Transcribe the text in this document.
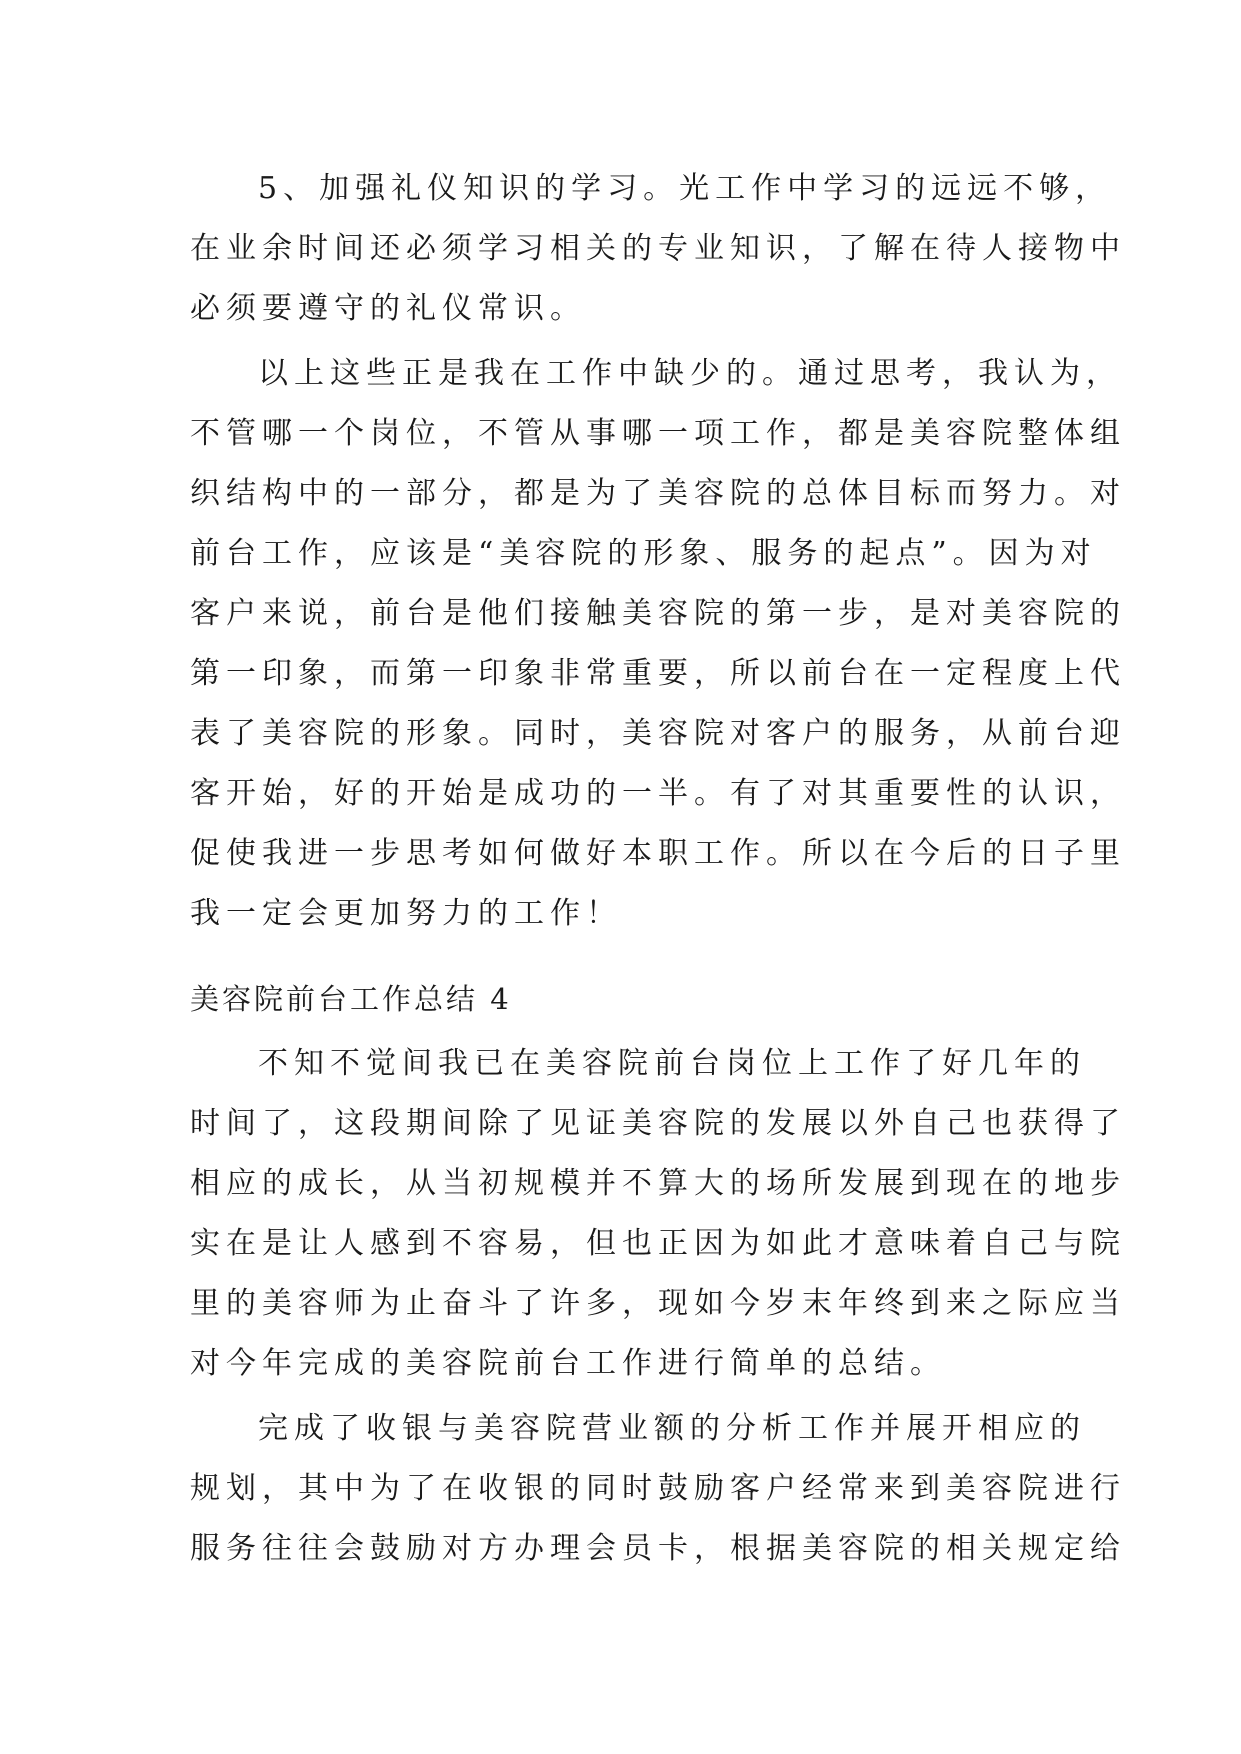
5、加强礼仪知识的学习。光工作中学习的远远不够，
在业余时间还必须学习相关的专业知识，了解在待人接物中
必须要遵守的礼仪常识。
以上这些正是我在工作中缺少的。通过思考，我认为，
不管哪一个岗位，不管从事哪一项工作，都是美容院整体组
织结构中的一部分，都是为了美容院的总体目标而努力。对
前台工作，应该是“美容院的形象、服务的起点”。因为对
客户来说，前台是他们接触美容院的第一步，是对美容院的
第一印象，而第一印象非常重要，所以前台在一定程度上代
表了美容院的形象。同时，美容院对客户的服务，从前台迎
客开始，好的开始是成功的一半。有了对其重要性的认识，
促使我进一步思考如何做好本职工作。所以在今后的日子里
我一定会更加努力的工作！
美容院前台工作总结 4
不知不觉间我已在美容院前台岗位上工作了好几年的
时间了，这段期间除了见证美容院的发展以外自己也获得了
相应的成长，从当初规模并不算大的场所发展到现在的地步
实在是让人感到不容易，但也正因为如此才意味着自己与院
里的美容师为止奋斗了许多，现如今岁末年终到来之际应当
对今年完成的美容院前台工作进行简单的总结。
完成了收银与美容院营业额的分析工作并展开相应的
规划，其中为了在收银的同时鼓励客户经常来到美容院进行
服务往往会鼓励对方办理会员卡，根据美容院的相关规定给
